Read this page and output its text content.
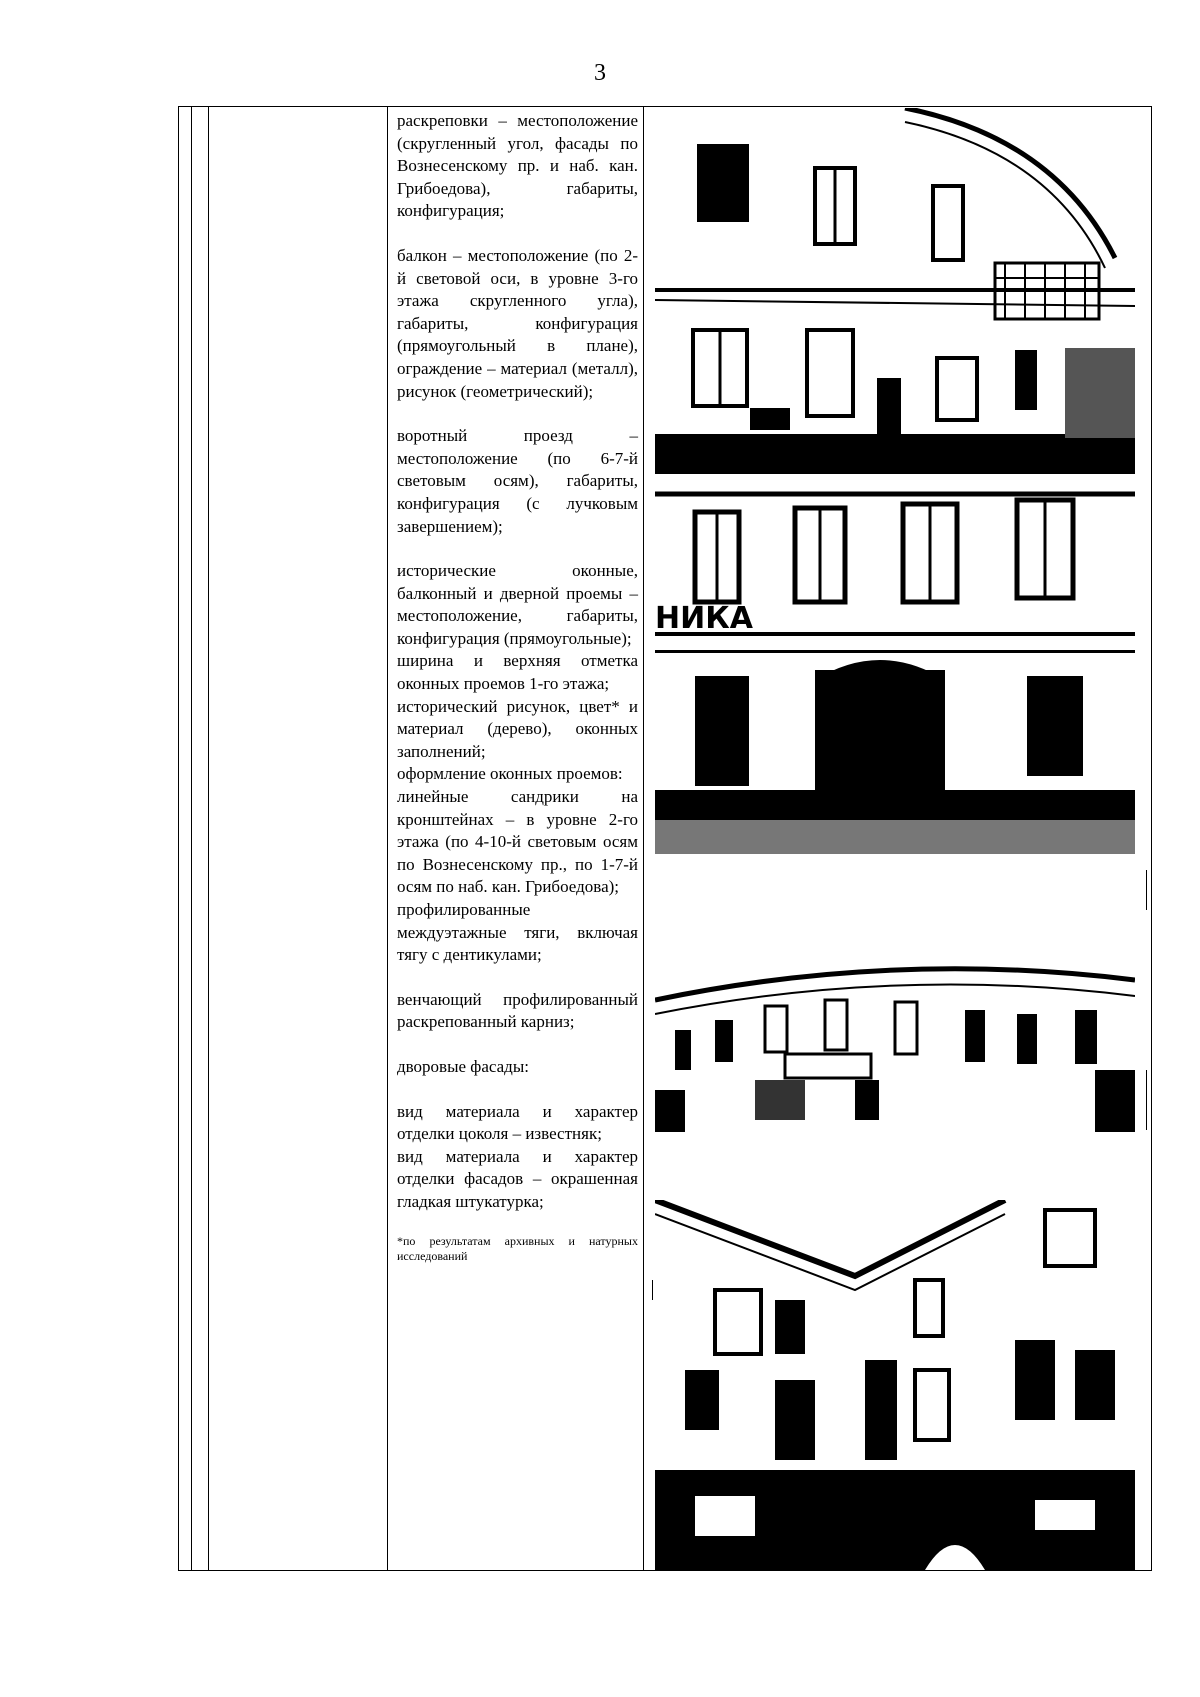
3

раскреповки – местоположение (скругленный угол, фасады по Вознесенскому пр. и наб. кан. Грибоедова), габариты, конфигурация;

балкон – местоположение (по 2-й световой оси, в уровне 3-го этажа скругленного угла), габариты, конфигурация (прямоугольный в плане), ограждение – материал (металл), рисунок (геометрический);

воротный проезд – местоположение (по 6-7-й световым осям), габариты, конфигурация (с лучковым завершением);

исторические оконные, балконный и дверной проемы – местоположение, габариты, конфигурация (прямоугольные);

ширина и верхняя отметка оконных проемов 1-го этажа;

исторический рисунок, цвет* и материал (дерево), оконных заполнений;

оформление оконных проемов:

линейные сандрики на кронштейнах – в уровне 2-го этажа (по 4-10-й световым осям по Вознесенскому пр., по 1-7-й осям по наб. кан. Грибоедова);

профилированные междуэтажные тяги, включая тягу с дентикулами;

венчающий профилированный раскрепованный карниз;

дворовые фасады:

вид материала и характер отделки цоколя – известняк;

вид материала и характер отделки фасадов – окрашенная гладкая штукатурка;

*по результатам архивных и натурных исследований

НИКА
